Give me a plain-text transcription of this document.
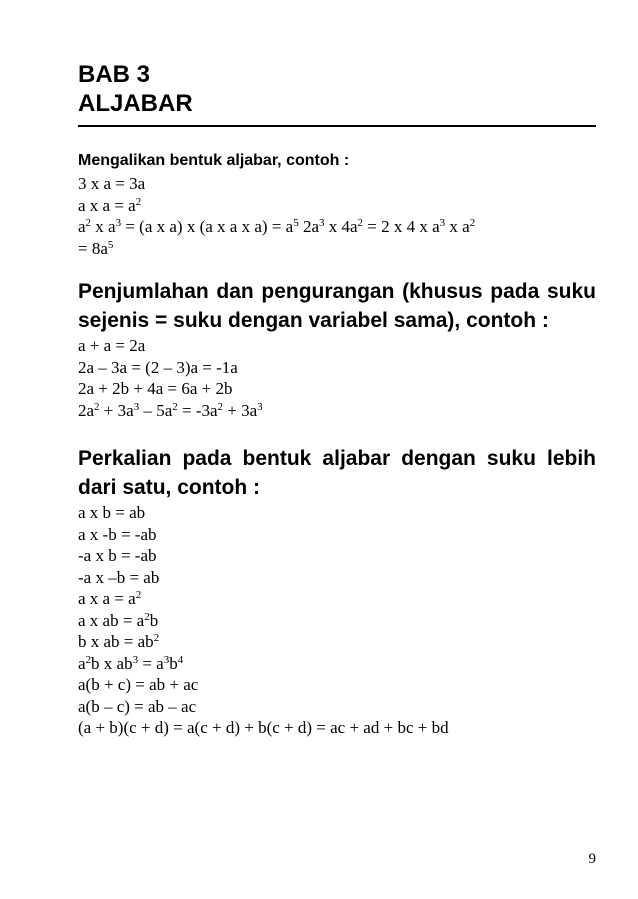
BAB 3
ALJABAR
Mengalikan bentuk aljabar, contoh :

3 x a = 3a

a x $a = a^2$

$a^2$ x $a^3 = (a$ x a) x (a x a x $a) = a^5$ $2a^3$ x $4a^2 = 2$ x 4 x $a^3$ x $a^2$

= $8a^5$

Penjumlahan dan pengurangan (khusus pada suku sejenis = suku dengan variabel sama), contoh :

a + a = 2a

2a – 3a = (2 – 3)a = -1a

2a + 2b + 4a = 6a + 2b

$2a^2 + 3a^3 - 5a^2 = -3a^2 + 3a^3$

Perkalian pada bentuk aljabar dengan suku lebih dari satu, contoh :

a x b = ab

a x -b = -ab

-a x b = -ab

-a x –b = ab

a x $a = a^2$

a x ab = $a^2b$

b x ab = $ab^2$

$a^2b$ x $ab^3 = a^3b^4$

a(b + c) = ab + ac

a(b – c) = ab – ac

(a + b)(c + d) = a(c + d) + b(c + d) = ac + ad + bc + bd

9
